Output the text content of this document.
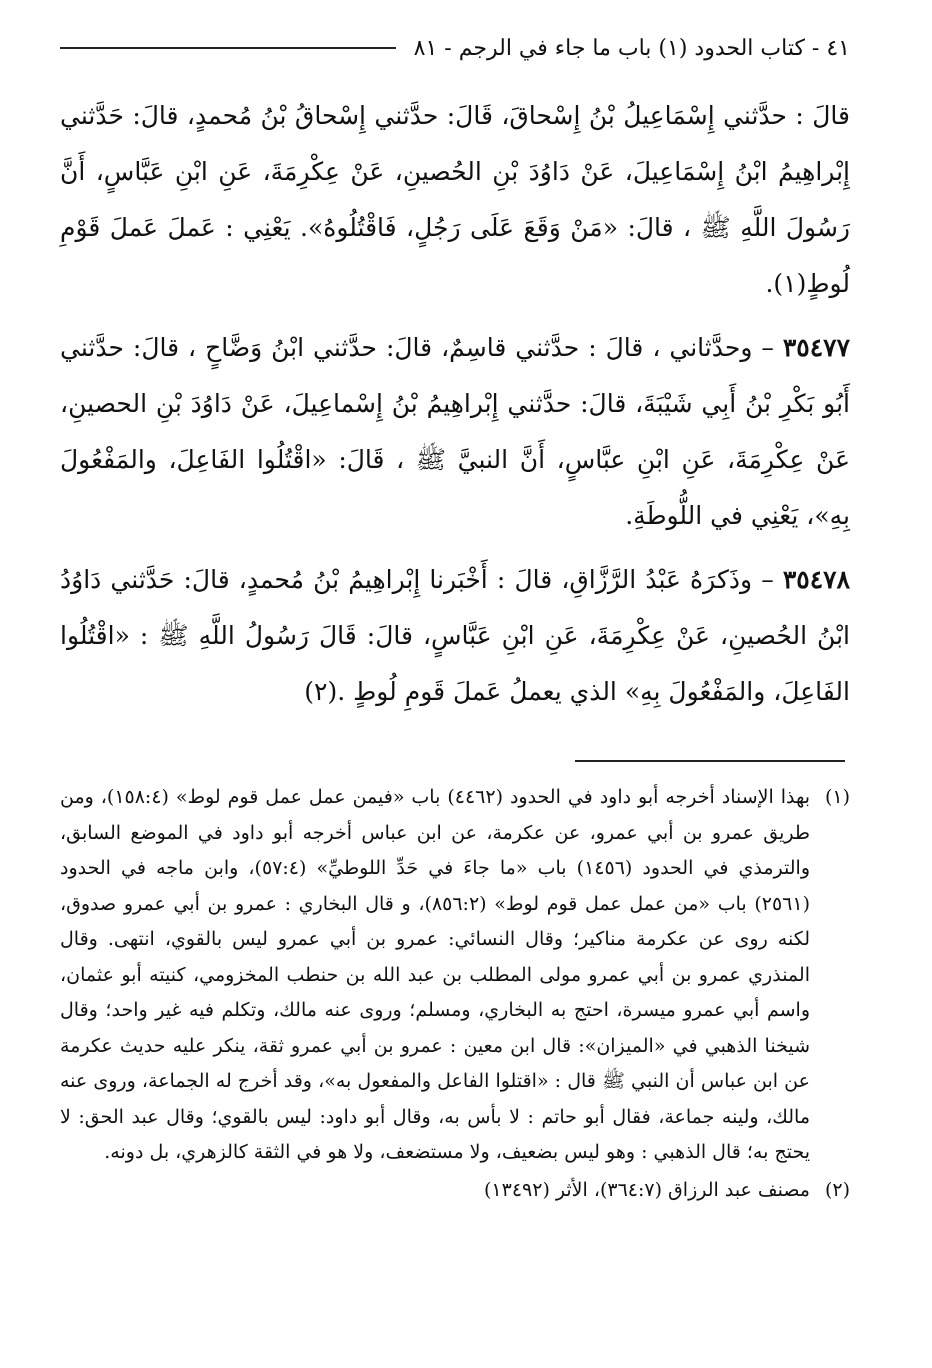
٤١ - كتاب الحدود (١) باب ما جاء في الرجم - ٨١

قالَ : حدَّثني إِسْمَاعِيلُ بْنُ إِسْحاقَ، قَالَ: حدَّثني إِسْحاقُ بْنُ مُحمدٍ، قالَ: حَدَّثني إِبْراهِيمُ ابْنُ إِسْمَاعِيلَ، عَنْ دَاوُدَ بْنِ الحُصينِ، عَنْ عِكْرِمَةَ، عَنِ ابْنِ عَبَّاسٍ، أَنَّ رَسُولَ اللَّهِ ﷺ ، قالَ: «مَنْ وَقَعَ عَلَى رَجُلٍ، فَاقْتُلُوهُ». يَعْنِي : عَملَ عَملَ قَوْمِ لُوطٍ(١).

٣٥٤٧٧ – وحدَّثاني ، قالَ : حدَّثني قاسِمٌ، قالَ: حدَّثني ابْنُ وَضَّاحٍ ، قالَ: حدَّثني أَبُو بَكْرِ بْنُ أَبِي شَيْبَةَ، قالَ: حدَّثني إِبْراهِيمُ بْنُ إِسْماعِيلَ، عَنْ دَاوُدَ بْنِ الحصينِ، عَنْ عِكْرِمَةَ، عَنِ ابْنِ عبَّاسٍ، أَنَّ النبيَّ ﷺ ، قَالَ: «اقْتُلُوا الفَاعِلَ، والمَفْعُولَ بِهِ»، يَعْنِي في اللُّوطَةِ.

٣٥٤٧٨ – وذَكرَهُ عَبْدُ الرَّزَّاقِ، قالَ : أَخْبَرنا إِبْراهِيمُ بْنُ مُحمدٍ، قالَ: حَدَّثني دَاوُدُ ابْنُ الحُصينِ، عَنْ عِكْرِمَةَ، عَنِ ابْنِ عَبَّاسٍ، قالَ: قَالَ رَسُولُ اللَّهِ ﷺ : «اقْتُلُوا الفَاعِلَ، والمَفْعُولَ بِهِ» الذي يعملُ عَملَ قَومِ لُوطٍ .(٢)

(١)
بهذا الإسناد أخرجه أبو داود في الحدود (٤٤٦٢) باب «فيمن عمل عمل قوم لوط» (١٥٨:٤)، ومن طريق عمرو بن أبي عمرو، عن عكرمة، عن ابن عباس أخرجه أبو داود في الموضع السابق، والترمذي في الحدود (١٤٥٦) باب «ما جاءَ في حَدِّ اللوطيِّ» (٥٧:٤)، وابن ماجه في الحدود (٢٥٦١) باب «من عمل عمل قوم لوط» (٨٥٦:٢)، و قال البخاري : عمرو بن أبي عمرو صدوق، لكنه روى عن عكرمة مناكير؛ وقال النسائي: عمرو بن أبي عمرو ليس بالقوي، انتهى. وقال المنذري عمرو بن أبي عمرو مولى المطلب بن عبد الله بن حنطب المخزومي، كنيته أبو عثمان، واسم أبي عمرو ميسرة، احتج به البخاري، ومسلم؛ وروى عنه مالك، وتكلم فيه غير واحد؛ وقال شيخنا الذهبي في «الميزان»: قال ابن معين : عمرو بن أبي عمرو ثقة، ينكر عليه حديث عكرمة عن ابن عباس أن النبي ﷺ قال : «اقتلوا الفاعل والمفعول به»، وقد أخرج له الجماعة، وروى عنه مالك، ولينه جماعة، فقال أبو حاتم : لا بأس به، وقال أبو داود: ليس بالقوي؛ وقال عبد الحق: لا يحتج به؛ قال الذهبي : وهو ليس بضعيف، ولا مستضعف، ولا هو في الثقة كالزهري، بل دونه.

(٢)
مصنف عبد الرزاق (٣٦٤:٧)، الأثر (١٣٤٩٢)
